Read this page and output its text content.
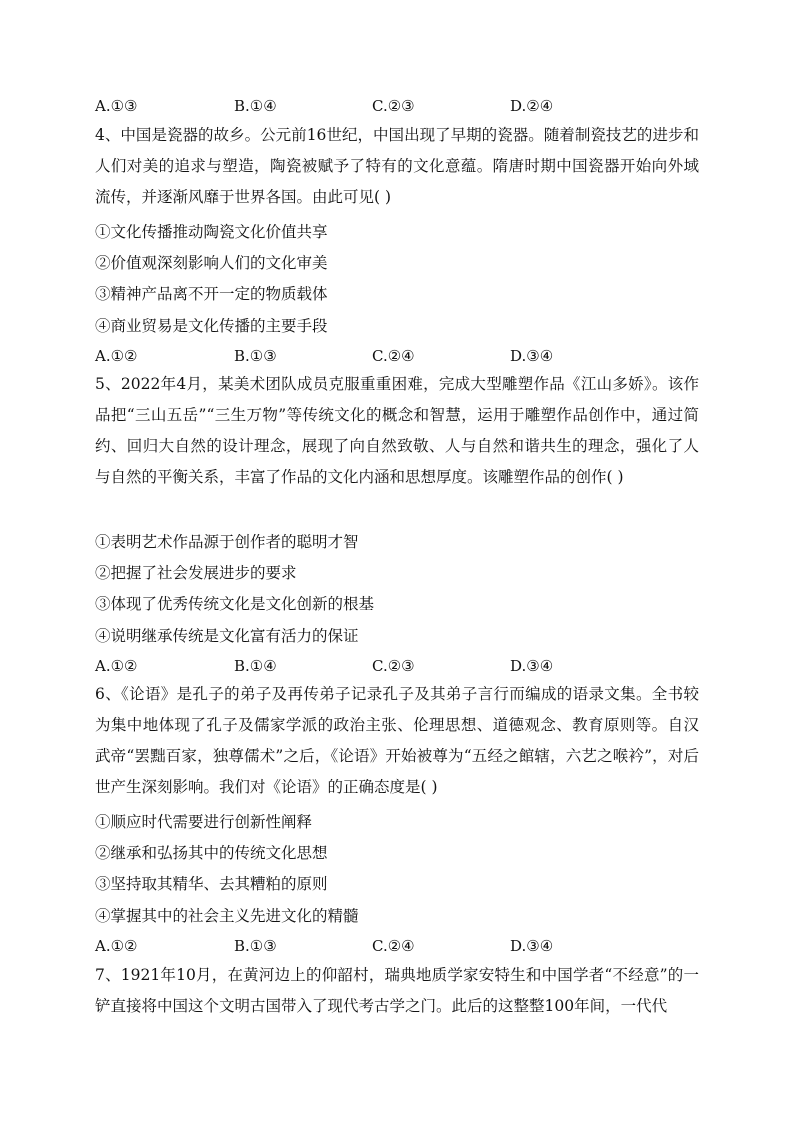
A.①③	B.①④	C.②③	D.②④

4、中国是瓷器的故乡。公元前16世纪，中国出现了早期的瓷器。随着制瓷技艺的进步和人们对美的追求与塑造，陶瓷被赋予了特有的文化意蕴。隋唐时期中国瓷器开始向外域流传，并逐渐风靡于世界各国。由此可见( )

①文化传播推动陶瓷文化价值共享
②价值观深刻影响人们的文化审美
③精神产品离不开一定的物质载体
④商业贸易是文化传播的主要手段
A.①②	B.①③	C.②④	D.③④

5、2022年4月，某美术团队成员克服重重困难，完成大型雕塑作品《江山多娇》。该作品把“三山五岳”“三生万物”等传统文化的概念和智慧，运用于雕塑作品创作中，通过简约、回归大自然的设计理念，展现了向自然致敬、人与自然和谐共生的理念，强化了人与自然的平衡关系，丰富了作品的文化内涵和思想厚度。该雕塑作品的创作( )

①表明艺术作品源于创作者的聪明才智
②把握了社会发展进步的要求
③体现了优秀传统文化是文化创新的根基
④说明继承传统是文化富有活力的保证
A.①②	B.①④	C.②③	D.③④

6、《论语》是孔子的弟子及再传弟子记录孔子及其弟子言行而编成的语录文集。全书较为集中地体现了孔子及儒家学派的政治主张、伦理思想、道德观念、教育原则等。自汉武帝“罢黜百家，独尊儒术”之后，《论语》开始被尊为“五经之館辖，六艺之喉衿”，对后世产生深刻影响。我们对《论语》的正确态度是( )

①顺应时代需要进行创新性阐释
②继承和弘扬其中的传统文化思想
③坚持取其精华、去其糟粕的原则
④掌握其中的社会主义先进文化的精髓
A.①②	B.①③	C.②④	D.③④

7、1921年10月，在黄河边上的仰韶村，瑞典地质学家安特生和中国学者“不经意”的一铲直接将中国这个文明古国带入了现代考古学之门。此后的这整整100年间，一代代
